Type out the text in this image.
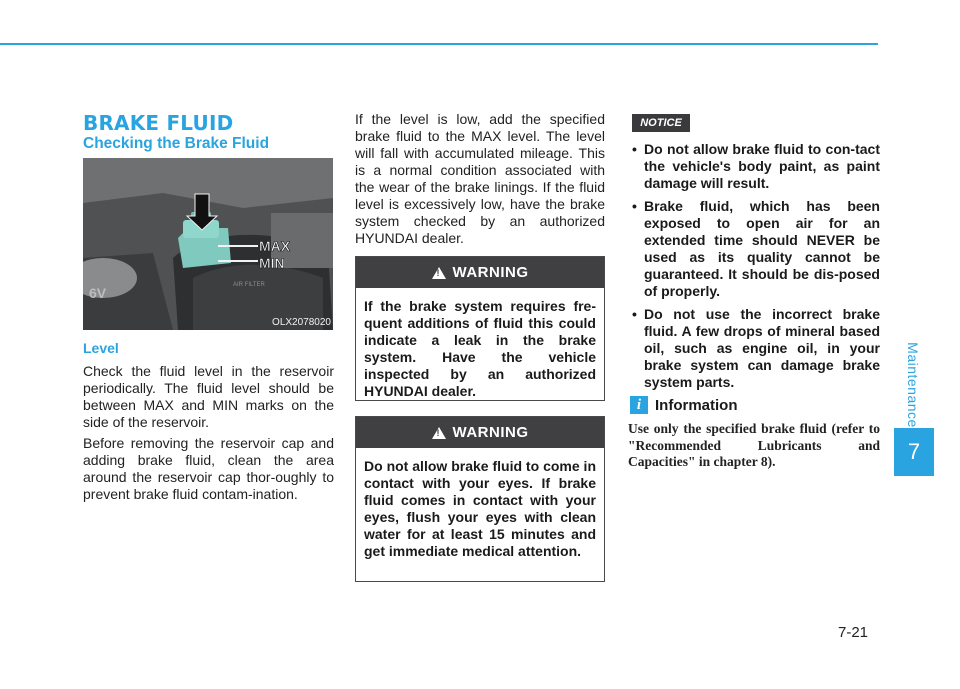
Maintenance
7
7-21
BRAKE FLUID
Checking the Brake Fluid
6V	AIR FILTER
MAX
MIN
OLX2078020
Level

Check the fluid level in the reservoir periodically. The fluid level should be between MAX and MIN marks on the side of the reservoir.

Before removing the reservoir cap and adding brake fluid, clean the area around the reservoir cap thor-oughly to prevent brake fluid contam-ination.

If the level is low, add the specified brake fluid to the MAX level. The level will fall with accumulated mileage. This is a normal condition associated with the wear of the brake linings. If the fluid level is excessively low, have the brake system checked by an authorized HYUNDAI dealer.

!
WARNING
If the brake system requires fre-quent additions of fluid this could indicate a leak in the brake system. Have the vehicle inspected by an authorized HYUNDAI dealer.
!
WARNING
Do not allow brake fluid to come in contact with your eyes. If brake fluid comes in contact with your eyes, flush your eyes with clean water for at least 15 minutes and get immediate medical attention.
NOTICE
• Do not allow brake fluid to con-tact the vehicle's body paint, as paint damage will result.
• Brake fluid, which has been exposed to open air for an extended time should NEVER be used as its quality cannot be guaranteed. It should be dis-posed of properly.
• Do not use the incorrect brake fluid. A few drops of mineral based oil, such as engine oil, in your brake system can damage brake system parts.
i Information

Use only the specified brake fluid (refer to "Recommended Lubricants and Capacities" in chapter 8).
